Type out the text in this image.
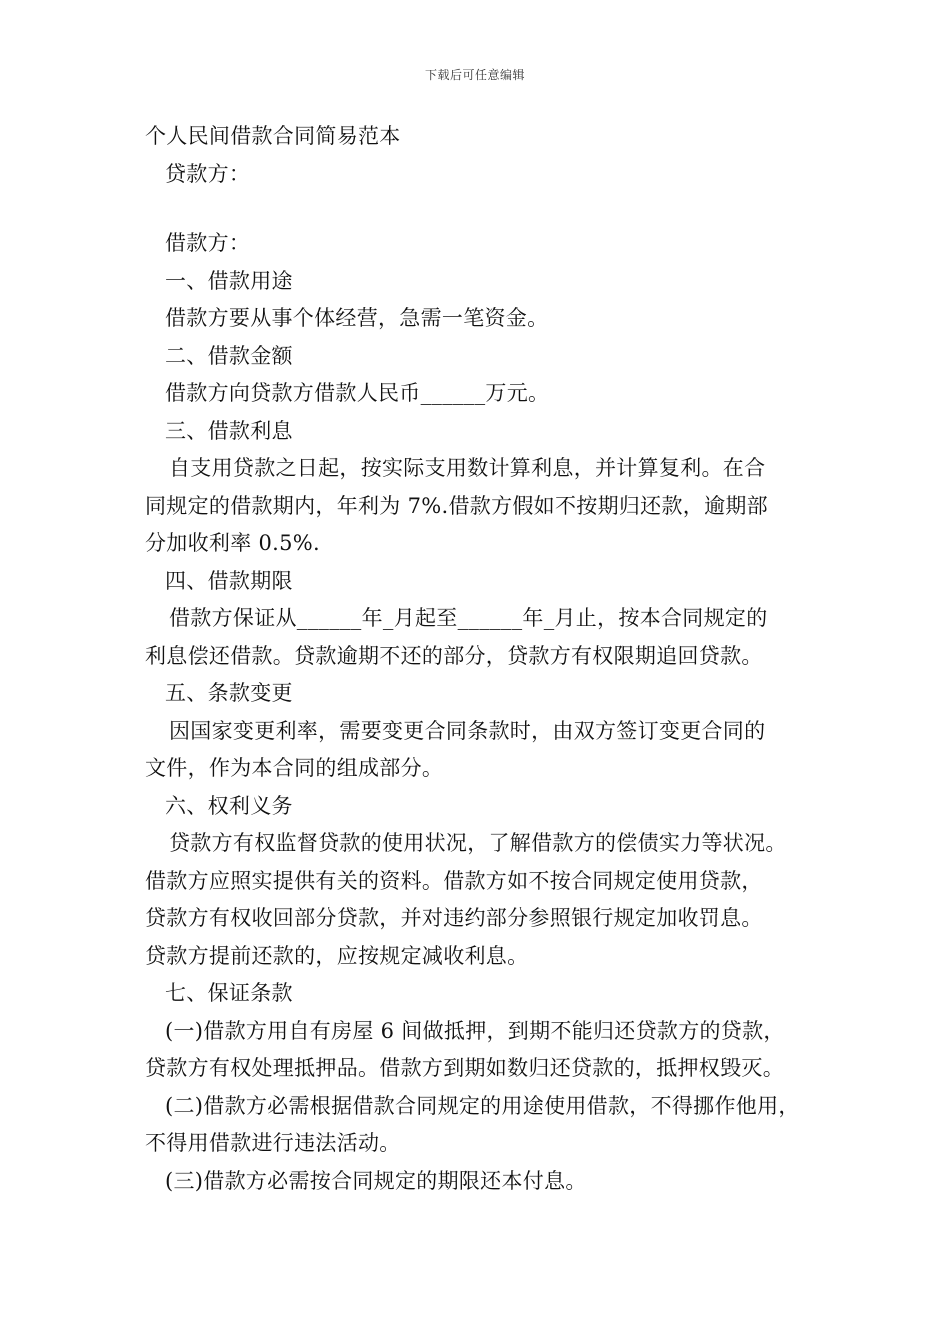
下载后可任意编辑
个人民间借款合同简易范本
贷款方：
借款方：
一、借款用途
借款方要从事个体经营，急需一笔资金。
二、借款金额
借款方向贷款方借款人民币______万元。
三、借款利息
自支用贷款之日起，按实际支用数计算利息，并计算复利。在合
同规定的借款期内，年利为 7%.借款方假如不按期归还款，逾期部
分加收利率 0.5%.
四、借款期限
借款方保证从______年_月起至______年_月止，按本合同规定的
利息偿还借款。贷款逾期不还的部分，贷款方有权限期追回贷款。
五、条款变更
因国家变更利率，需要变更合同条款时，由双方签订变更合同的
文件，作为本合同的组成部分。
六、权利义务
贷款方有权监督贷款的使用状况，了解借款方的偿债实力等状况。
借款方应照实提供有关的资料。借款方如不按合同规定使用贷款，
贷款方有权收回部分贷款，并对违约部分参照银行规定加收罚息。
贷款方提前还款的，应按规定减收利息。
七、保证条款
(一)借款方用自有房屋 6 间做抵押，到期不能归还贷款方的贷款，
贷款方有权处理抵押品。借款方到期如数归还贷款的，抵押权毁灭。
(二)借款方必需根据借款合同规定的用途使用借款，不得挪作他用，
不得用借款进行违法活动。
(三)借款方必需按合同规定的期限还本付息。
